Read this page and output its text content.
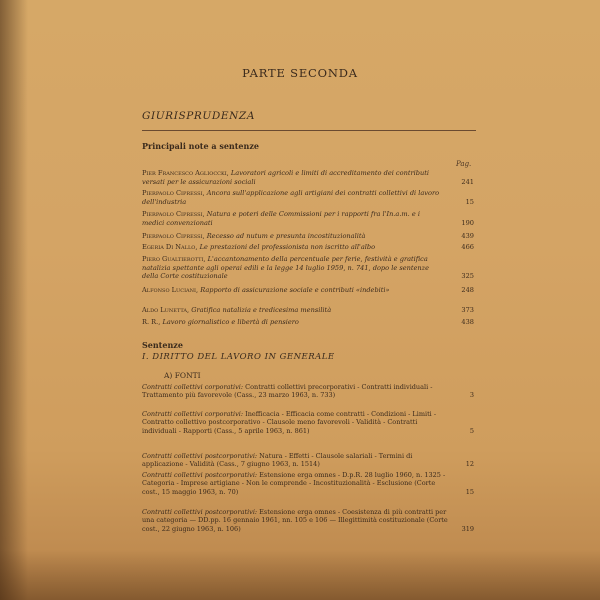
PARTE SECONDA
GIURISPRUDENZA
Principali note a sentenze
Pag.
Pier Francesco Aglioccki, Lavoratori agricoli e limiti di accreditamento dei contributi versati per le assicurazioni sociali	241
Pierpaolo Cipressi, Ancora sull'applicazione agli artigiani dei contratti collettivi di lavoro dell'industria	15
Pierpaolo Cipressi, Natura e poteri delle Commissioni per i rapporti fra l'In.a.m. e i medici convenzionati	190
Pierpaolo Cipressi, Recesso ad nutum e presunta incostituzionalità	439
Egeria Di Nallo, Le prestazioni del professionista non iscritto all'albo	466
Piero Gualtierotti, L'accantonamento della percentuale per ferie, festività e gratifica natalizia spettante agli operai edili e la legge 14 luglio 1959, n. 741, dopo le sentenze della Corte costituzionale	325
Alfonso Luciani, Rapporto di assicurazione sociale e contributi «indebiti»	248
Aldo Lunetta, Gratifica natalizia e tredicesima mensilità	373
R. R., Lavoro giornalistico e libertà di pensiero	438
Sentenze
I. DIRITTO DEL LAVORO IN GENERALE
A) FONTI
Contratti collettivi corporativi: Contratti collettivi precorporativi - Contratti individuali - Trattamento più favorevole (Cass., 23 marzo 1963, n. 733)	3
Contratti collettivi corporativi: Inefficacia - Efficacia come contratti - Condizioni - Limiti - Contratto collettivo postcorporativo - Clausole meno favorevoli - Validità - Contratti individuali - Rapporti (Cass., 5 aprile 1963, n. 861)	5
Contratti collettivi postcorporativi: Natura - Effetti - Clausole salariali - Termini di applicazione - Validità (Cass., 7 giugno 1963, n. 1514)	12
Contratti collettivi postcorporativi: Estensione erga omnes - D.p.R. 28 luglio 1960, n. 1325 - Categoria - Imprese artigiane - Non le comprende - Incostituzionalità - Esclusione (Corte cost., 15 maggio 1963, n. 70)	15
Contratti collettivi postcorporativi: Estensione erga omnes - Coesistenza di più contratti per una categoria — DD.pp. 16 gennaio 1961, nn. 105 e 106 — Illegittimità costituzionale (Corte cost., 22 giugno 1963, n. 106)	319
